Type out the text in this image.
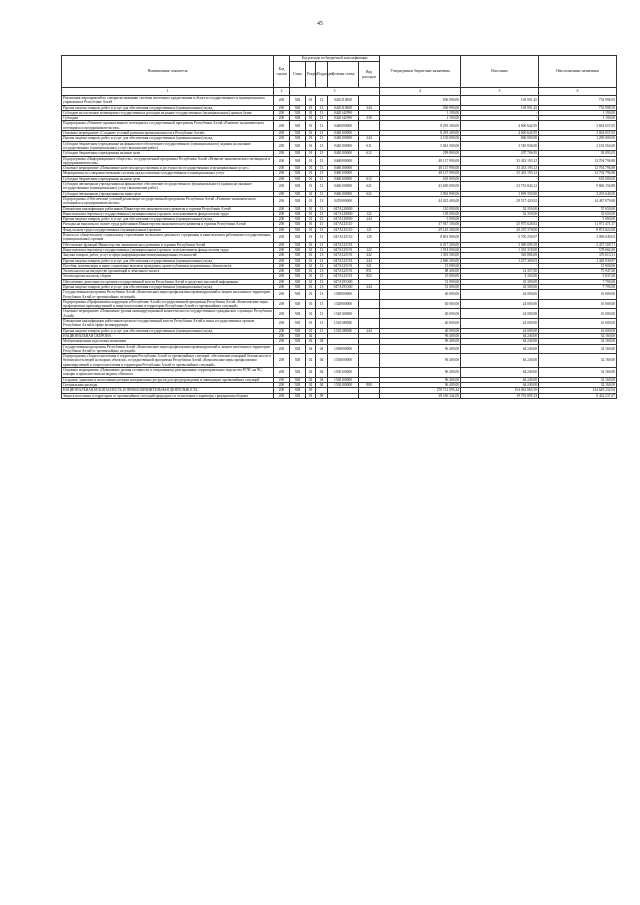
45
Наименование показателя	Код строки	Код расхода по бюджетной классификации					Утвержденные бюджетные назначения	Исполнено	Неисполненные назначения
		Глава	Раздел	Подраздел	Целевая статья	Вид расходов			
1	2	3					4	5	6
Реализация мероприятий по совершенствованию системы ипотечного кредитования в области государственного и муниципального управления в Республике Алтай	200	928	01	13	0420110000		856 990,00	103 991,45	752 998,55
Прочая закупка товаров, работ и услуг для обеспечения государственных (муниципальных) нужд	200	928	01	13	0420110000	244	856 990,00	103 991,45	752 998,55
Субсидии на частичное возмещение государственных расходов на рынке государственных (муниципальных) ценных бумаг	200	928	01	13	0420142990		1 190,00	-	1 190,00
Субсидии	200	928	01	13	0420142990	530	1 190,00	-	1 190,00
Подпрограмма «Развитие промышленного потенциала» государственной программы Республики Алтай «Развитие экономического потенциала и предпринимательства»	200	928	01	13	0440000000		8 293 300,00	4 600 642,95	3 692 657,05
Основное мероприятие «Создание условий развития промышленности в Республике Алтай»	200	928	01	13	0440100000		8 293 300,00	4 600 642,95	3 692 657,05
Прочая закупка товаров, работ и услуг для обеспечения государственных (муниципальных) нужд	200	928	01	13	0440100000	244	2 150 000,00	860 000,00	1 290 000,00
Субсидии бюджетным учреждениям на финансовое обеспечение государственного (муниципального) задания на оказание государственных (муниципальных) услуг (выполнение работ)	200	928	01	13	0440100000	611	5 843 500,00	3 740 936,00	2 102 564,00
Субсидии бюджетным учреждениям на иные цели	200	928	01	13	0440100000	612	299 800,00	207 706,95	92 093,05
Подпрограмма «Информационное общество» государственной программы Республики Алтай «Развитие экономического потенциала и предпринимательства»	200	928	01	13	0460000000		48 137 990,00	35 433 193,12	12 704 796,88
Основное мероприятие «Повышение качества предоставления и доступности государственных и муниципальных услуг»	200	928	01	13	0460100000		48 137 990,00	35 433 193,12	12 704 796,88
Мероприятия по совершенствованию системы предоставления государственных и муниципальных услуг	200	928	01	13	0460100000		48 137 990,00	35 433 193,12	12 704 796,88
Субсидии бюджетным учреждениям на иные цели	200	928	01	13	0460100000	612	635 000,00	-	635 000,00
Субсидии автономным учреждениям на финансовое обеспечение государственного (муниципального) задания на оказание государственных (муниципальных) услуг (выполнение работ)	200	928	01	13	0460100000	621	43 600 000,00	33 733 843,12	9 866 156,88
Субсидии автономным учреждениям на иные цели	200	928	01	13	0460100000	622	3 902 990,00	1 699 350,00	2 203 640,00
Подпрограмма «Обеспечение условий реализации государственной программы Республики Алтай «Развитие экономического потенциала и предпринимательства»	200	928	01	13	0470000000		44 025 400,00	29 537 420,92	14 487 979,08
Повышение квалификации работников Министерства экономического развития и туризма Республики Алтай	200	928	01	13	047А128000		110 000,00	52 350,00	57 650,00
Иные выплаты персоналу государственных (муниципальных) органов, за исключением фонда оплаты труда	200	928	01	13	047А128000	122	105 000,00	52 350,00	52 650,00
Прочая закупка товаров, работ и услуг для обеспечения государственных (муниципальных) нужд	200	928	01	13	047А128000	244	5 000,00	-	5 000,00
Расходы на выплаты по оплате труда работников Министерства экономического развития и туризма Республики Алтай	200	928	01	13	047А125110		37 947 100,00	25 975 628,63	11 971 471,37
Фонд оплаты труда государственных (муниципальных) органов	200	928	01	13	047А125110	121	29 145 200,00	20 270 378,00	8 874 822,00
Взносы по обязательному социальному страхованию на выплаты денежного содержания и иные выплаты работникам государственных (муниципальных) органов	200	928	01	13	047А125110	129	8 801 900,00	5 705 250,97	3 096 649,03
Обеспечение функций Министерства экономического развития и туризма Республики Алтай	200	928	01	13	047А125191		6 017 200,00	3 580 099,29	2 437 100,71
Иные выплаты персоналу государственных (муниципальных) органов, за исключением фонда оплаты труда	200	928	01	13	047А125191	122	1 914 000,00	1 335 318,00	578 682,00
Закупка товаров, работ, услуг в сфере информационно-коммуникационных технологий	200	928	01	13	047А125191	242	1 303 500,00	926 886,69	376 613,31
Прочая закупка товаров, работ и услуг для обеспечения государственных (муниципальных) нужд	200	928	01	13	047А125191	244	2 686 300,00	1 257 369,03	1 428 930,97
Пособия, компенсации и иные социальные выплаты гражданам, кроме публичных нормативных обязательств	200	928	01	13	047А125191	321	15 000,00	-	15 000,00
Уплата налога на имущество организаций и земельного налога	200	928	01	13	047А125191	851	88 400,00	12 357,00	75 947,00
Уплата прочих налогов, сборов	200	928	01	13	047А125191	852	10 000,00	4 163,00	5 837,00
Обеспечение деятельности органов государственной власти Республики Алтай в средствах массовой информации	200	928	01	13	047А195300		51 000,00	43 300,00	7 700,00
Прочая закупка товаров, работ и услуг для обеспечения государственных (муниципальных) нужд	200	928	01	13	047А195300	244	51 000,00	43 300,00	7 700,00
Государственная программа Республики Алтай «Комплексные меры профилактики правонарушений и защита населения и территории Республики Алтай от чрезвычайных ситуаций»	200	928	01	13	1500000000		40 000,00	24 000,00	16 000,00
Подпрограмма «Профилактика коррупции в Республике Алтай» государственной программы Республики Алтай «Комплексные меры профилактики правонарушений и защита населения и территории Республики Алтай от чрезвычайных ситуаций»	200	928	01	13	1520000000		40 000,00	24 000,00	16 000,00
Основное мероприятие «Повышение уровня антикоррупционной компетентности государственных гражданских служащих Республики Алтай»	200	928	01	13	1520100000		40 000,00	24 000,00	16 000,00
Повышение квалификации работников органов государственной власти Республики Алтай и иных государственных органов Республики Алтай в сфере антикоррупции	200	928	01	13	152010008Б		40 000,00	24 000,00	16 000,00
Прочая закупка товаров, работ и услуг для обеспечения государственных (муниципальных) нужд	200	928	01	13	152010008Б	244	40 000,00	24 000,00	16 000,00
НАЦИОНАЛЬНАЯ ОБОРОНА	200	928	02				96 400,00	64 240,00	32 160,00
Мобилизационная подготовка экономики	200	928	02	04			96 400,00	64 240,00	32 160,00
Государственная программа Республики Алтай «Комплексные меры профилактики правонарушений и защита населения и территории Республики Алтай от чрезвычайных ситуаций»	200	928	02	04	1500000000		96 400,00	64 240,00	32 160,00
Подпрограмма «Защита населения и территории Республики Алтай от чрезвычайных ситуаций, обеспечение пожарной безопасности и безопасности людей на водных объектах» государственной программы Республики Алтай «Комплексные меры профилактики правонарушений и защита населения и территории Республики Алтай от чрезвычайных ситуаций»	200	928	02	04	1530000000		96 400,00	64 240,00	32 160,00
Основное мероприятие «Повышение уровня готовности к оперативному реагированию территориальных подсистем РСЧС на ЧС, пожары и происшествия на водных объектах»	200	928	02	04	1530100000		96 400,00	64 240,00	32 160,00
Создание, хранение и восполнение резерва материальных ресурсов для предупреждения и ликвидации чрезвычайных ситуаций	200	928	02	04	1530100000		96 400,00	64 240,00	32 160,00
Специальные расходы	200	928	02	04	1530100000	880	96 400,00	64 240,00	32 160,00
НАЦИОНАЛЬНАЯ БЕЗОПАСНОСТЬ И ПРАВООХРАНИТЕЛЬНАЯ ДЕЯТЕЛЬНОСТЬ	200	928	03				278 712 095,44	154 062 865,50	124 649 232,94
Защита населения и территории от чрезвычайных ситуаций природного и техногенного характера, гражданская оборона	200	928	03	09			28 186 342,00	19 763 805,33	8 422 537,67
